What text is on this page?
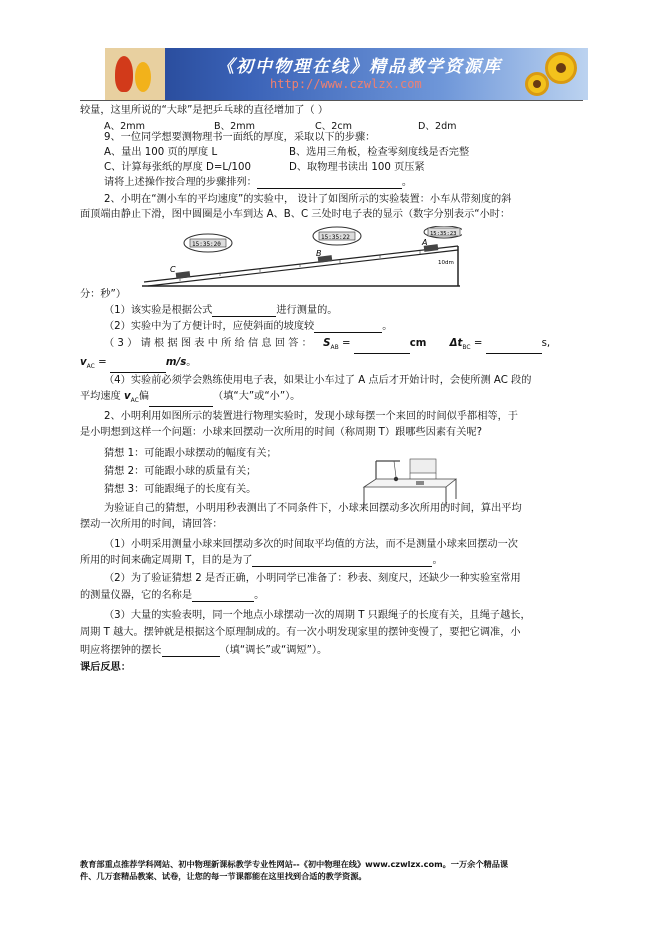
《初中物理在线》精品教学资源库
http://www.czwlzx.com
较量，这里所说的“大球”是把乒乓球的直径增加了（ ）
A、2mm	B、2mm	C、2cm	D、2dm
9、一位同学想要测物理书一面纸的厚度，采取以下的步骤：
A、量出 100 页的厚度 L	B、选用三角板，检查零刻度线是否完整
C、计算每张纸的厚度 D=L/100	D、取物理书读出 100 页压紧
请将上述操作按合理的步骤排列：	。
2、小明在“测小车的平均速度”的实验中， 设计了如图所示的实验装置：小车从带刻度的斜
面顶端由静止下滑，图中圆圈是小车到达 A、B、C 三处时电子表的显示（数字分别表示“小时：
15:35:20
15:35:22	15:35:23
C
B
A
10dm
分：秒”）
（1）该实验是根据公式	进行测量的。
（2）实验中为了方便计时，应使斜面的坡度较	。
（ 3 ） 请 根 据 图 表 中 所 给 信 息 回 答 ： $S_{AB}$ =	cm $\Delta t_{BC}$ =	s,
$v_{AC}$ =	m/s。
（4）实验前必须学会熟练使用电子表，如果让小车过了 A 点后才开始计时，会使所测 AC 段的
平均速度 $v_{AC}$偏	（填“大”或“小”）。
2、小明利用如图所示的装置进行物理实验时，发现小球每摆一个来回的时间似乎都相等，于
是小明想到这样一个问题：小球来回摆动一次所用的时间（称周期 T）跟哪些因素有关呢?
猜想 1：可能跟小球摆动的幅度有关；
猜想 2：可能跟小球的质量有关；
猜想 3：可能跟绳子的长度有关。
为验证自己的猜想，小明用秒表测出了不同条件下，小球来回摆动多次所用的时间，算出平均
摆动一次所用的时间，请回答：
（1）小明采用测量小球来回摆动多次的时间取平均值的方法，而不是测量小球来回摆动一次
所用的时间来确定周期 T，目的是为了	。
（2）为了验证猜想 2 是否正确，小明同学已准备了：秒表、刻度尺，还缺少一种实验室常用
的测量仪器，它的名称是	。
（3）大量的实验表明，同一个地点小球摆动一次的周期 T 只跟绳子的长度有关，且绳子越长，
周期 T 越大。摆钟就是根据这个原理制成的。有一次小明发现家里的摆钟变慢了，要把它调准，小
明应将摆钟的摆长	（填“调长”或“调短”）。
课后反思：
教育部重点推荐学科网站、初中物理新课标教学专业性网站--《初中物理在线》www.czwlzx.com。一万余个精品课
件、几万套精品教案、试卷，让您的每一节课都能在这里找到合适的教学资源。
